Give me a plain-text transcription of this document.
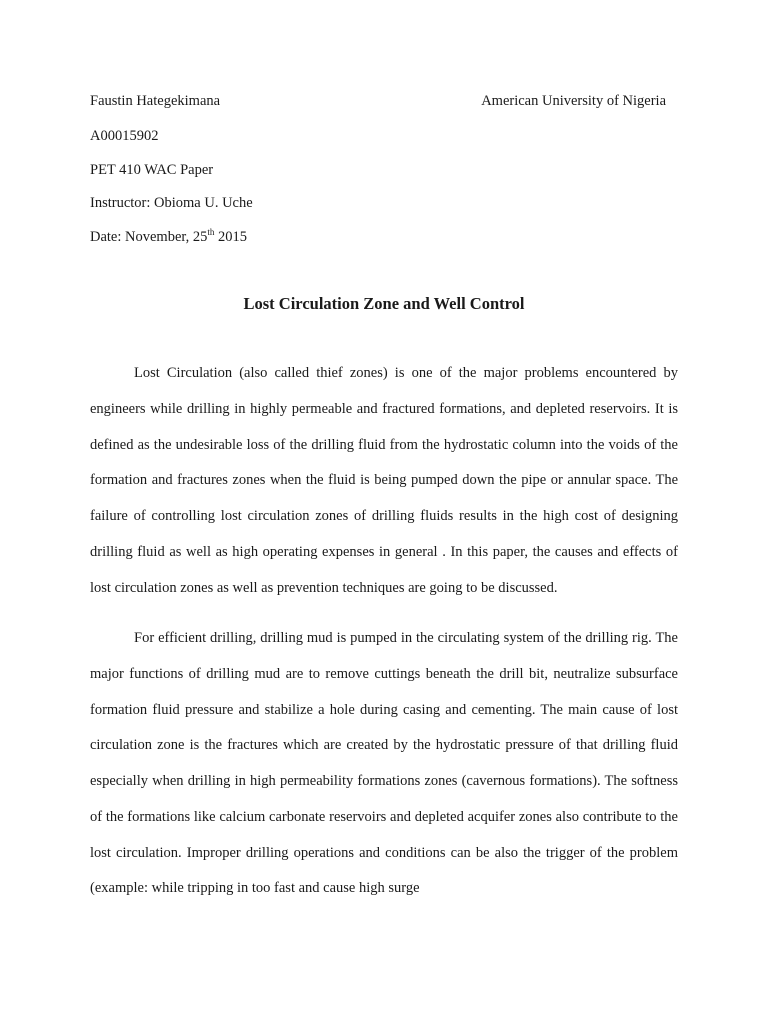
Faustin Hategekimana	American University of Nigeria
A00015902
PET 410 WAC Paper
Instructor: Obioma U. Uche
Date: November, 25th 2015
Lost Circulation Zone and Well Control

Lost Circulation (also called thief zones) is one of the major problems encountered by engineers while drilling in highly permeable and fractured formations, and depleted reservoirs. It is defined as the undesirable loss of the drilling fluid from the hydrostatic column into the voids of the formation and fractures zones when the fluid is being pumped down the pipe or annular space. The failure of controlling lost circulation zones of drilling fluids results in the high cost of designing drilling fluid as well as high operating expenses in general . In this paper, the causes and effects of lost circulation zones as well as prevention techniques are going to be discussed.

For efficient drilling, drilling mud is pumped in the circulating system of the drilling rig. The major functions of drilling mud are to remove cuttings beneath the drill bit, neutralize subsurface formation fluid pressure and stabilize a hole during casing and cementing. The main cause of lost circulation zone is the fractures which are created by the hydrostatic pressure of that drilling fluid especially when drilling in high permeability formations zones (cavernous formations). The softness of the formations like calcium carbonate reservoirs and depleted acquifer zones also contribute to the lost circulation. Improper drilling operations and conditions can be also the trigger of the problem (example: while tripping in too fast and cause high surge
